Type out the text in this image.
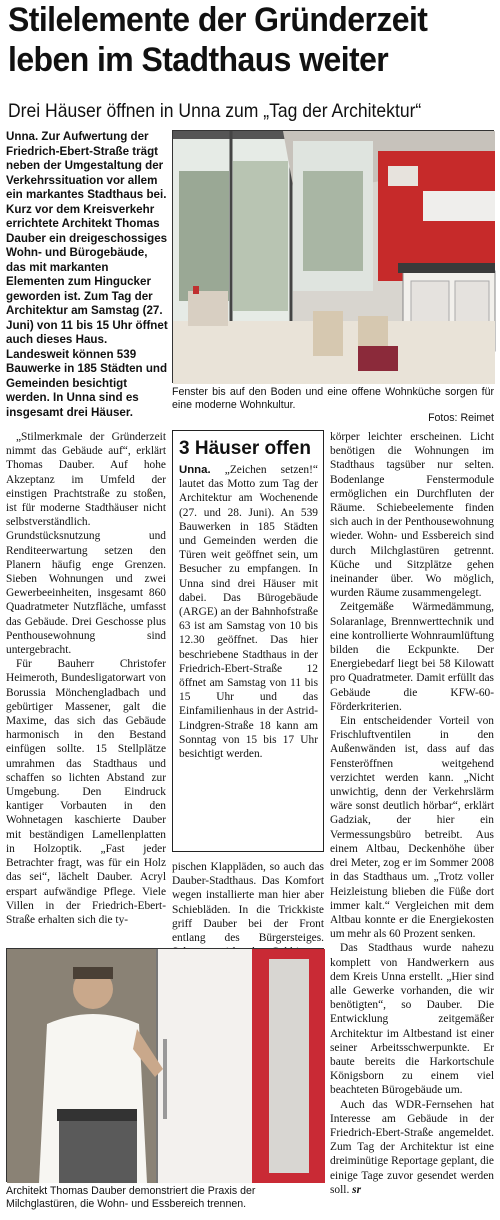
Stilelemente der Gründerzeit
leben im Stadthaus weiter
Drei Häuser öffnen in Unna zum „Tag der Architektur“

Unna. Zur Aufwertung der Friedrich-Ebert-Straße trägt neben der Umgestaltung der Verkehrssituation vor allem ein markantes Stadthaus bei. Kurz vor dem Kreisverkehr errichtete Architekt Thomas Dauber ein dreigeschossiges Wohn- und Bürogebäude, das mit markanten Elementen zum Hingucker geworden ist. Zum Tag der Architektur am Samstag (27. Juni) von 11 bis 15 Uhr öffnet auch dieses Haus. Landesweit können 539 Bauwerke in 185 Städten und Gemeinden besichtigt werden. In Unna sind es insgesamt drei Häuser.

Fenster bis auf den Boden und eine offene Wohnküche sorgen für eine moderne Wohnkultur.
Fotos: Reimet

„Stilmerkmale der Gründerzeit nimmt das Gebäude auf“, erklärt Thomas Dauber. Auf hohe Akzeptanz im Umfeld der einstigen Prachtstraße zu stoßen, ist für moderne Stadthäuser nicht selbstverständlich. Grundstücksnutzung und Renditeerwartung setzen den Planern häufig enge Grenzen. Sieben Wohnungen und zwei Gewerbeeinheiten, insgesamt 860 Quadratmeter Nutzfläche, umfasst das Gebäude. Drei Geschosse plus Penthousewohnung sind untergebracht.

Für Bauherr Christofer Heimeroth, Bundesligatorwart von Borussia Mönchengladbach und gebürtiger Massener, galt die Maxime, das sich das Gebäude harmonisch in den Bestand einfügen sollte. 15 Stellplätze umrahmen das Stadthaus und schaffen so lichten Abstand zur Umgebung. Den Eindruck kantiger Vorbauten in den Wohnetagen kaschierte Dauber mit beständigen Lamellenplatten in Holzoptik. „Fast jeder Betrachter fragt, was für ein Holz das sei“, lächelt Dauber. Acryl erspart aufwändige Pflege. Viele Villen in der Friedrich-Ebert-Straße erhalten sich die ty-

3 Häuser offen

Unna. „Zeichen setzen!“ lautet das Motto zum Tag der Architektur am Wochenende (27. und 28. Juni). An 539 Bauwerken in 185 Städten und Gemeinden werden die Türen weit geöffnet sein, um Besucher zu empfangen. In Unna sind drei Häuser mit dabei. Das Bürogebäude (ARGE) an der Bahnhofstraße 63 ist am Samstag von 10 bis 12.30 geöffnet. Das hier beschriebene Stadthaus in der Friedrich-Ebert-Straße 12 öffnet am Samstag von 11 bis 15 Uhr und das Einfamilienhaus in der Astrid-Lindgren-Straße 18 kann am Sonntag von 15 bis 17 Uhr besichtigt werden.

pischen Klappläden, so auch das Dauber-Stadthaus. Das Komfort wegen installierte man hier aber Schiebläden. In die Trickkiste griff Dauber bei der Front entlang des Bürgersteiges.

körper leichter erscheinen. Licht benötigen die Wohnungen im Stadthaus tagsüber nur selten. Bodenlange Fenstermodule ermöglichen ein Durchfluten der Räume. Schiebeelemente finden sich auch in der Penthousewohnung wieder. Wohn- und Essbereich sind durch Milchglastüren getrennt. Küche und Sitzplätze gehen ineinander über. Wo möglich, wurden Räume zusammengelegt.

Zeitgemäße Wärmedämmung, Solaranlage, Brennwerttechnik und eine kontrollierte Wohnraumlüftung bilden die Eckpunkte. Der Energiebedarf liegt bei 58 Kilowatt pro Quadratmeter. Damit erfüllt das Gebäude die KFW-60-Förderkriterien.

Ein entscheidender Vorteil von Frischluftventilen in den Außenwänden ist, dass auf das Fensteröffnen weitgehend verzichtet werden kann. „Nicht unwichtig, denn der Verkehrslärm wäre sonst deutlich hörbar“, erklärt Gadziak, der hier ein Vermessungsbüro betreibt. Aus einem Altbau, Deckenhöhe über drei Meter, zog er im Sommer 2008 in das Stadthaus um. „Trotz voller Heizleistung blieben die Füße dort immer kalt.“ Vergleichen mit dem Altbau konnte er die Energiekosten um mehr als 60 Prozent senken.

Das Stadthaus wurde nahezu komplett von Handwerkern aus dem Kreis Unna erstellt. „Hier sind alle Gewerke vorhanden, die wir benötigten“, so Dauber. Die Entwicklung zeitgemäßer Architektur im Altbestand ist einer seiner Arbeitsschwerpunkte. Er baute bereits die Harkortschule Königsborn zu einem viel beachteten Bürogebäude um.

Auch das WDR-Fernsehen hat Interesse am Gebäude in der Friedrich-Ebert-Straße angemeldet. Zum Tag der Architektur ist eine dreiminütige Reportage geplant, die einige Tage zuvor gesendet werden soll. sr

Architekt Thomas Dauber demonstriert die Praxis der Milchglastüren, die Wohn- und Essbereich trennen.
